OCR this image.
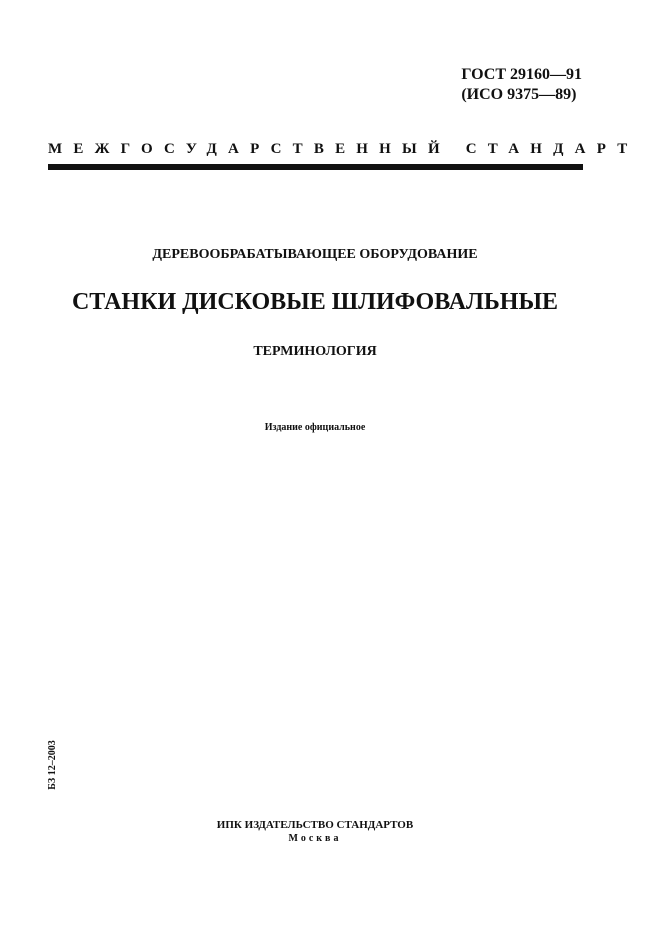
ГОСТ 29160—91
(ИСО 9375—89)
МЕЖГОСУДАРСТВЕННЫЙ СТАНДАРТ
ДЕРЕВООБРАБАТЫВАЮЩЕЕ ОБОРУДОВАНИЕ
СТАНКИ ДИСКОВЫЕ ШЛИФОВАЛЬНЫЕ
ТЕРМИНОЛОГИЯ
Издание официальное
БЗ 12–2003
ИПК ИЗДАТЕЛЬСТВО СТАНДАРТОВ
Москва
